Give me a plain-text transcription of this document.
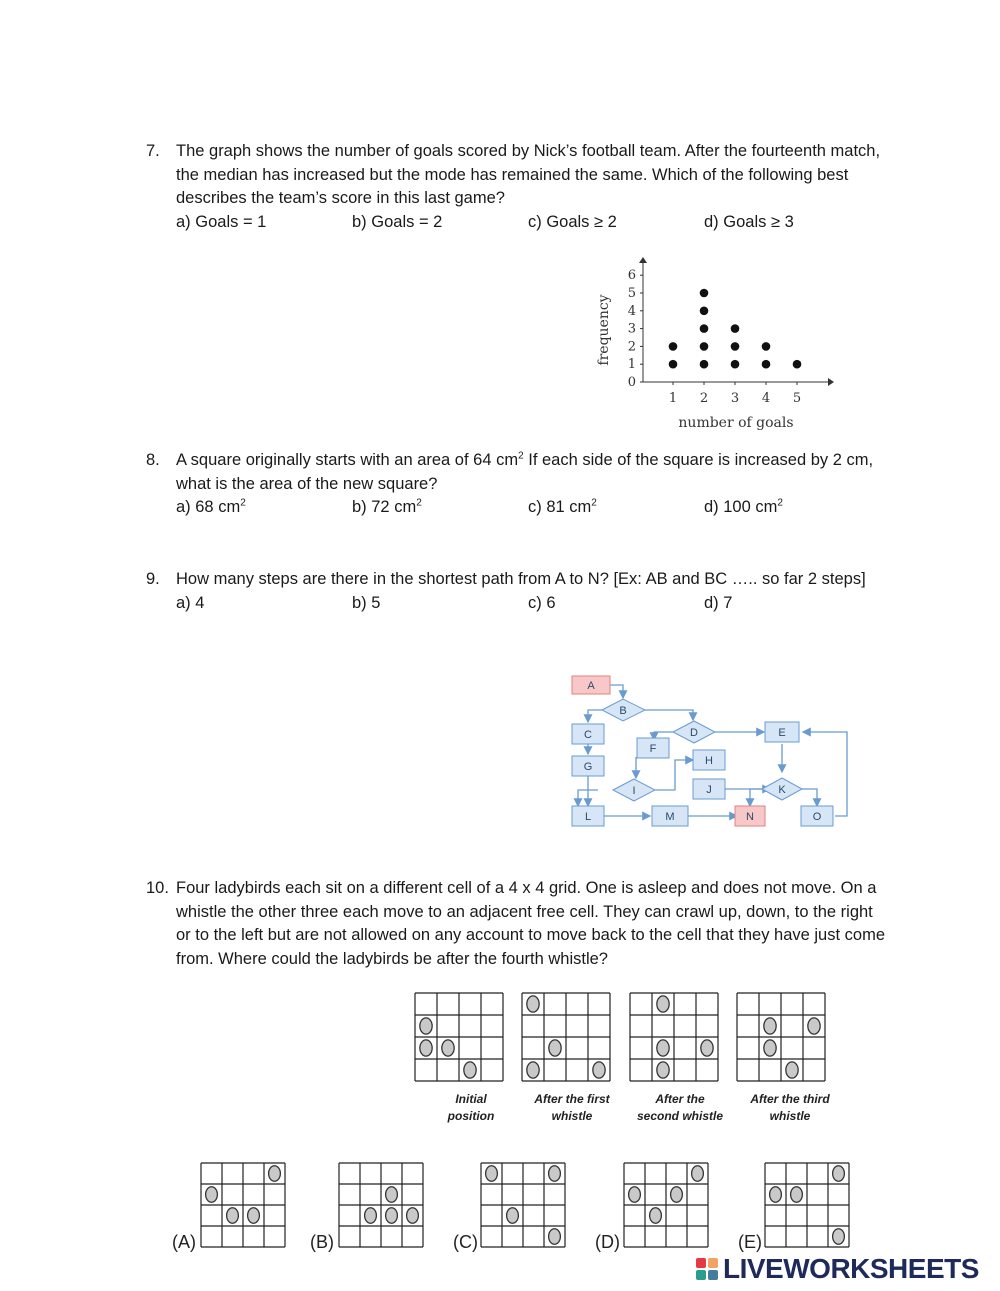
7. The graph shows the number of goals scored by Nick’s football team. After the fourteenth match, the median has increased but the mode has remained the same. Which of the following best describes the team’s score in this last game?
a) Goals = 1	b) Goals = 2	c) Goals ≥ 2	d) Goals ≥ 3
0
1
2
3
4
5
6
1 2 3 4 5
number of goals
frequency
8. A square originally starts with an area of 64 $cm^2$ If each side of the square is increased by 2 cm, what is the area of the new square?
a) 68 $cm^2$	b) 72 $cm^2$	c) 81 $cm^2$	d) 100 $cm^2$
9. How many steps are there in the shortest path from A to N? [Ex: AB and BC ….. so far 2 steps]
a) 4	b) 5	c) 6	d) 7
A
B
C	D	E
F
G	H
I	J	K
L	M	N	O
10. Four ladybirds each sit on a different cell of a 4 x 4 grid. One is asleep and does not move. On a whistle the other three each move to an adjacent free cell. They can crawl up, down, to the right or to the left but are not allowed on any account to move back to the cell that they have just come from. Where could the ladybirds be after the fourth whistle?
Initial
position
After the first
whistle
After the
second whistle
After the third
whistle
(A)	(B)	(C)	(D)	(E)
LIVEWORKSHEETS
